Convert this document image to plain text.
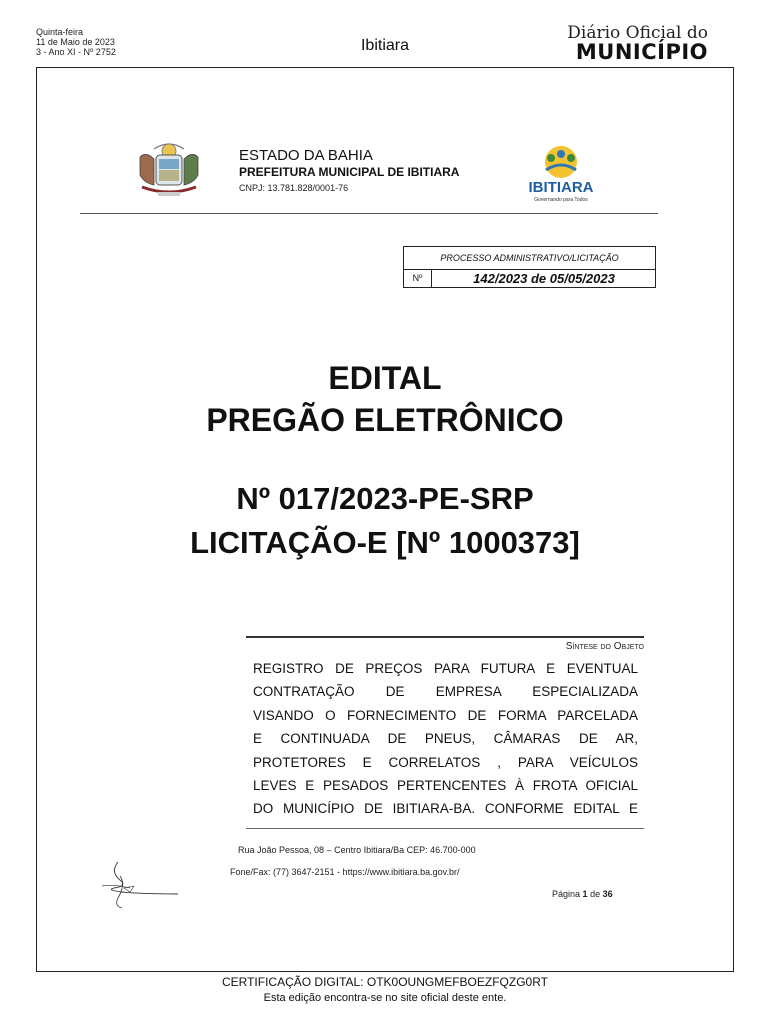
Quinta-feira
11 de Maio de 2023
3 - Ano XI - Nº 2752	Ibitiara
Diário Oficial do
MUNICÍPIO
ESTADO DA BAHIA
PREFEITURA MUNICIPAL DE IBITIARA
CNPJ: 13.781.828/0001-76	IBITIARA
Governando para Todos
PROCESSO ADMINISTRATIVO/LICITAÇÃO
Nº	142/2023 de 05/05/2023
EDITAL
PREGÃO ELETRÔNICO
Nº 017/2023-PE-SRP
LICITAÇÃO-E [Nº 1000373]
Síntese do Objeto
REGISTRO DE PREÇOS PARA FUTURA E EVENTUAL
CONTRATAÇÃO DE EMPRESA ESPECIALIZADA
VISANDO O FORNECIMENTO DE FORMA PARCELADA
E CONTINUADA DE PNEUS, CÂMARAS DE AR,
PROTETORES E CORRELATOS , PARA VEÍCULOS
LEVES E PESADOS PERTENCENTES À FROTA OFICIAL
DO MUNICÍPIO DE IBITIARA-BA. CONFORME EDITAL E
Rua João Pessoa, 08 – Centro Ibitiara/Ba CEP: 46.700-000
Fone/Fax: (77) 3647-2151 - https://www.ibitiara.ba.gov.br/
Página 1 de 36
CERTIFICAÇÃO DIGITAL: OTK0OUNGMEFBOEZFQZG0RT
Esta edição encontra-se no site oficial deste ente.
